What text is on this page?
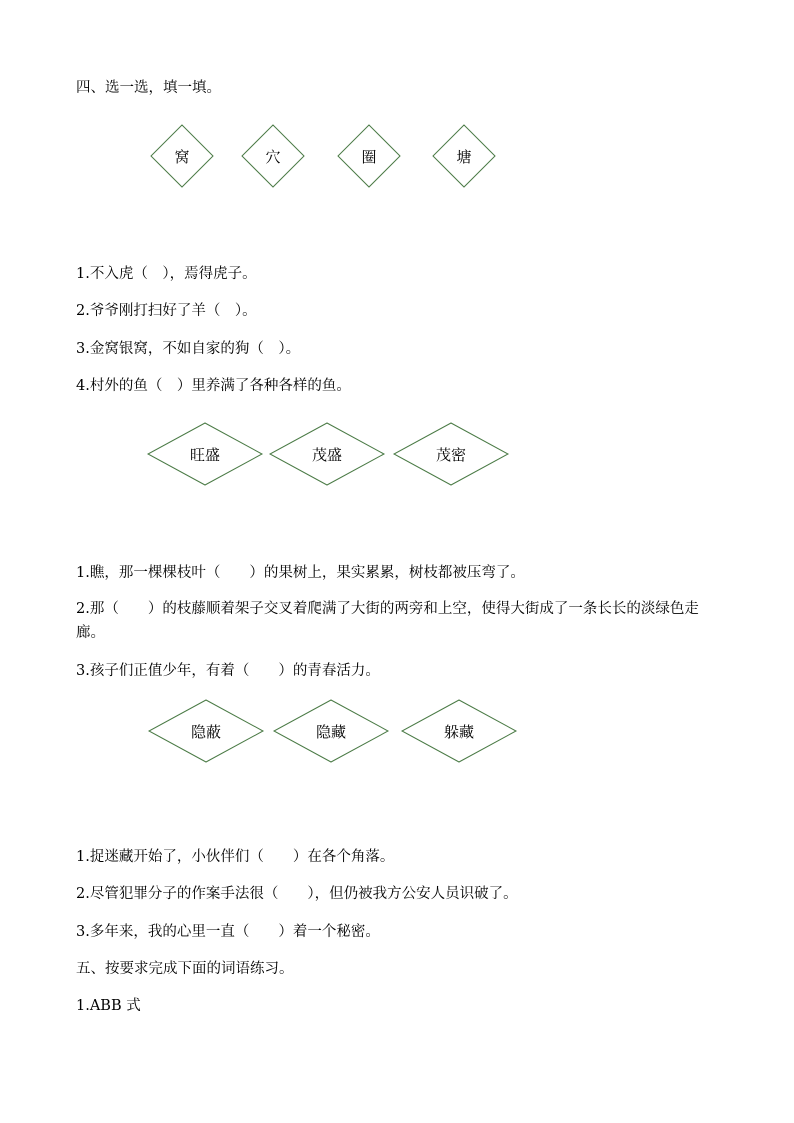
四、选一选，填一填。
窝	穴	圈	塘
1.不入虎（　），焉得虎子。
2.爷爷刚打扫好了羊（　）。
3.金窝银窝，不如自家的狗（　）。
4.村外的鱼（　）里养满了各种各样的鱼。
旺盛	茂盛	茂密
1.瞧，那一棵棵枝叶（　　）的果树上，果实累累，树枝都被压弯了。
2.那（　　）的枝藤顺着架子交叉着爬满了大街的两旁和上空，使得大街成了一条长长的淡绿色走廊。
3.孩子们正值少年，有着（　　）的青春活力。
隐蔽	隐藏	躲藏
1.捉迷藏开始了，小伙伴们（　　）在各个角落。
2.尽管犯罪分子的作案手法很（　　），但仍被我方公安人员识破了。
3.多年来，我的心里一直（　　）着一个秘密。
五、按要求完成下面的词语练习。
1.ABB 式
